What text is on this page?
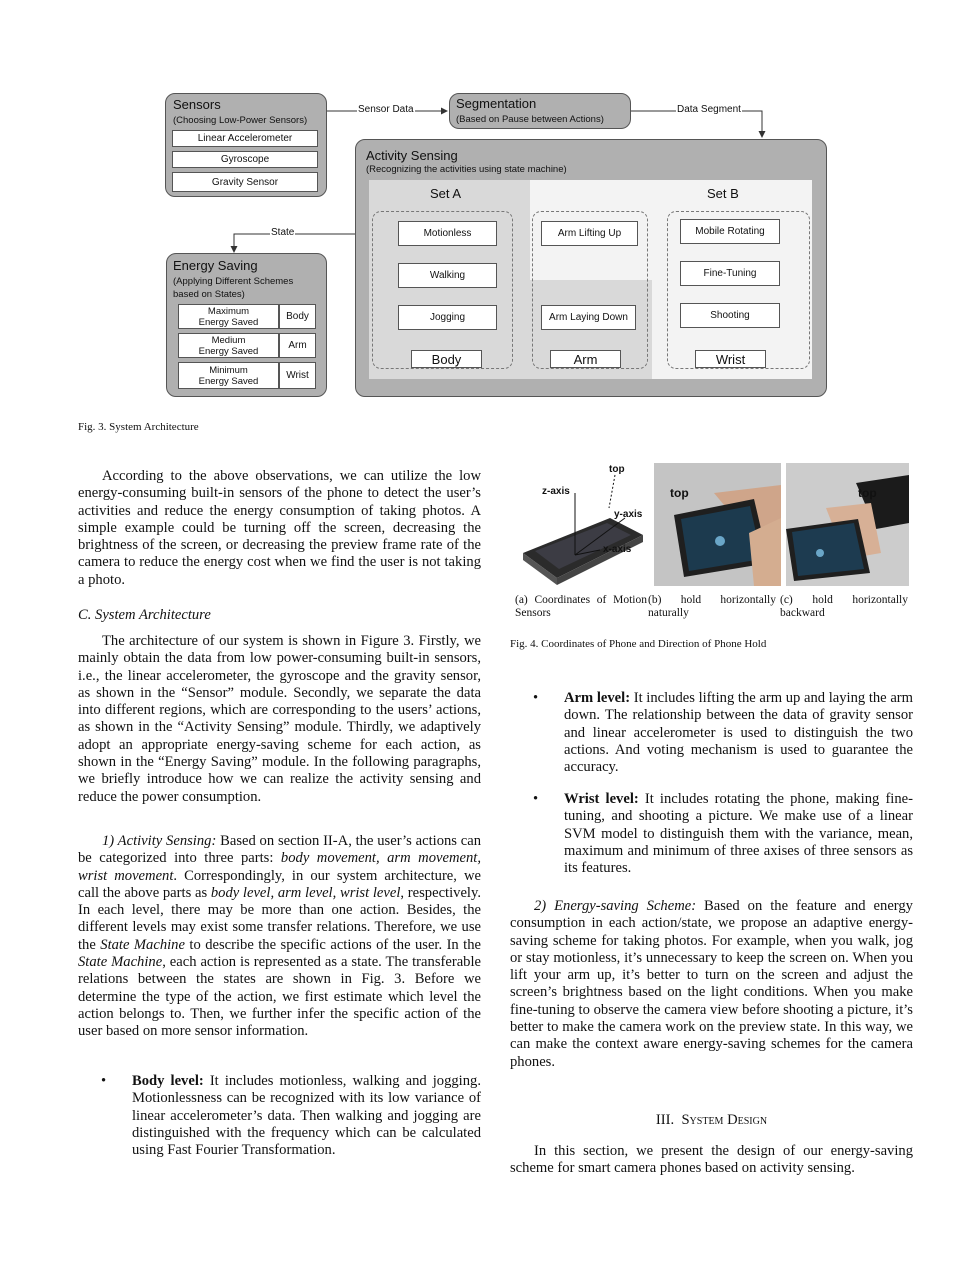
Sensors
(Choosing Low-Power Sensors)
Linear Accelerometer
Gyroscope
Gravity Sensor
Segmentation
(Based on Pause between Actions)
Sensor Data	Data Segment
State
Activity Sensing
(Recognizing the activities using state machine)
Set A	Set B
Motionless
Walking
Jogging
Arm Lifting Up
Arm Laying Down
Mobile Rotating
Fine-Tuning
Shooting
Body	Arm	Wrist
Energy Saving
(Applying Different Schemes
based on States)
Maximum
Energy Saved	Body
Medium
Energy Saved	Arm
Minimum
Energy Saved	Wrist
Fig. 3. System Architecture
According to the above observations, we can utilize the low energy-consuming built-in sensors of the phone to detect the user’s activities and reduce the energy consumption of taking photos. A simple example could be turning off the screen, decreasing the brightness of the screen, or decreasing the preview frame rate of the camera to reduce the energy cost when we find the user is not taking a photo.
C. System Architecture
The architecture of our system is shown in Figure 3. Firstly, we mainly obtain the data from low power-consuming built-in sensors, i.e., the linear accelerometer, the gyroscope and the gravity sensor, as shown in the “Sensor” module. Secondly, we separate the data into different regions, which are corresponding to the users’ actions, as shown in the “Activity Sensing” module. Thirdly, we adaptively adopt an appropriate energy-saving scheme for each action, as shown in the “Energy Saving” module. In the following paragraphs, we briefly introduce how we can realize the activity sensing and reduce the power consumption.
1) Activity Sensing: Based on section II-A, the user’s actions can be categorized into three parts: body movement, arm movement, wrist movement. Correspondingly, in our system architecture, we call the above parts as body level, arm level, wrist level, respectively. In each level, there may be more than one action. Besides, the different levels may exist some transfer relations. Therefore, we use the State Machine to describe the specific actions of the user. In the State Machine, each action is represented as a state. The transferable relations between the states are shown in Fig. 3. Before we determine the type of the action, we first estimate which level the action belongs to. Then, we further infer the specific action of the user based on more sensor information.
• Body level: It includes motionless, walking and jogging. Motionlessness can be recognized with its low variance of linear accelerometer’s data. Then walking and jogging are distinguished with the frequency which can be calculated using Fast Fourier Transformation.
top
z-axis
y-axis
x-axis
top	top
(a) Coordinates of Motion Sensors
(b) hold horizontally naturally
(c) hold horizontally backward
Fig. 4. Coordinates of Phone and Direction of Phone Hold
• Arm level: It includes lifting the arm up and laying the arm down. The relationship between the data of gravity sensor and linear accelerometer is used to distinguish the two actions. And voting mechanism is used to guarantee the accuracy.
• Wrist level: It includes rotating the phone, making fine-tuning, and shooting a picture. We make use of a linear SVM model to distinguish them with the variance, mean, maximum and minimum of three axises of three sensors as its features.
2) Energy-saving Scheme: Based on the feature and energy consumption in each action/state, we propose an adaptive energy-saving scheme for taking photos. For example, when you walk, jog or stay motionless, it’s unnecessary to keep the screen on. When you lift your arm up, it’s better to turn on the screen and adjust the screen’s brightness based on the light conditions. When you make fine-tuning to observe the camera view before shooting a picture, it’s better to make the camera work on the preview state. In this way, we can make the context aware energy-saving schemes for the camera phones.
III. System Design
In this section, we present the design of our energy-saving scheme for smart camera phones based on activity sensing.
